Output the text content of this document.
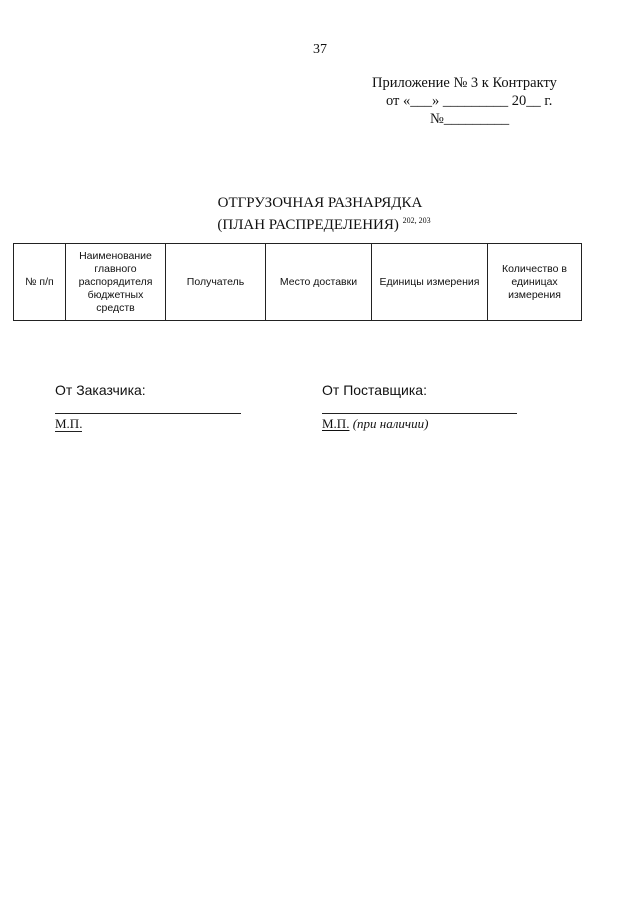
37
Приложение № 3 к Контракту
от «___» _________ 20__ г.
№_________
ОТГРУЗОЧНАЯ РАЗНАРЯДКА
(ПЛАН РАСПРЕДЕЛЕНИЯ) $^{202, 203}$
№ п/п	Наименование главного распорядителя бюджетных средств	Получатель	Место доставки	Единицы измерения	Количество в единицах измерения
От Заказчика:	От Поставщика:
М.П.	М.П. (при наличии)
